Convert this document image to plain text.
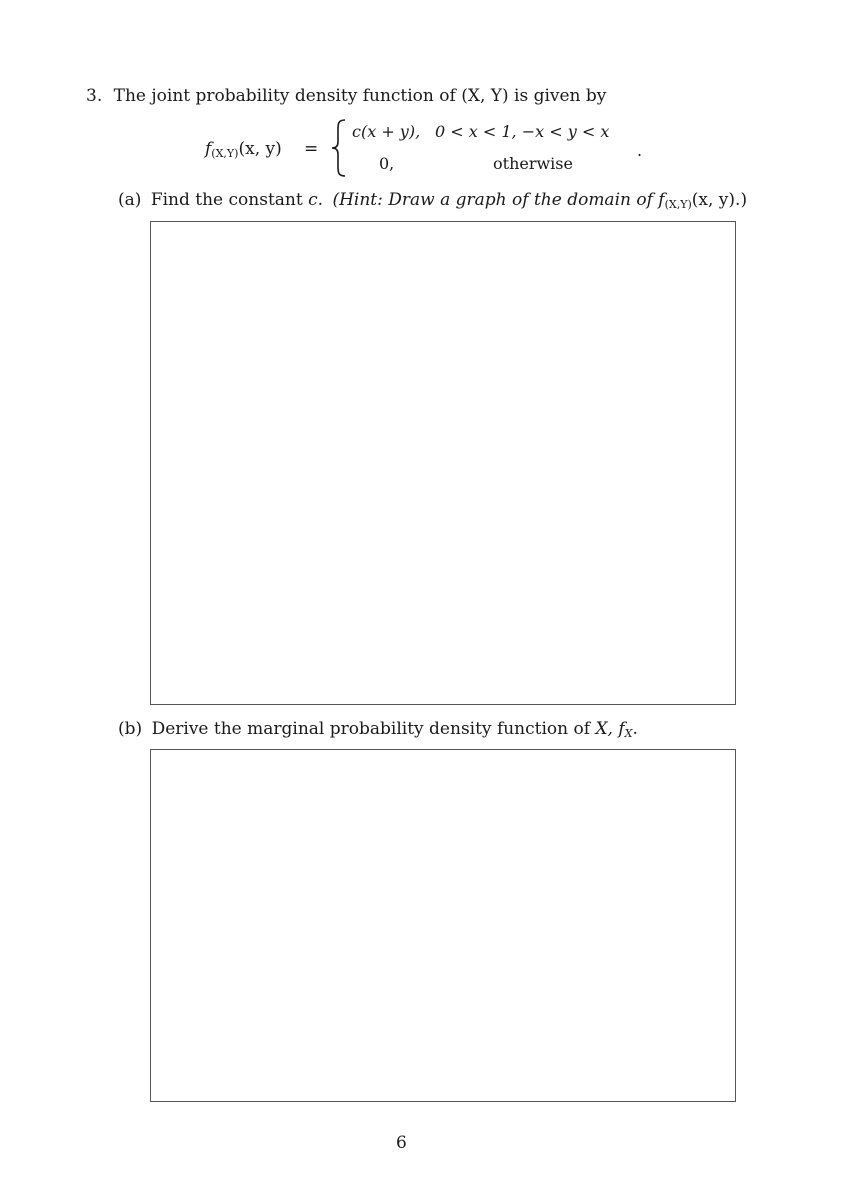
3. The joint probability density function of (X, Y) is given by
$f_{(X,Y)}(x$, y) =
c(x + y), 0 < x < 1, −x < y < x
0,	otherwise
.
(a) Find the constant c. (Hint: Draw a graph of the domain of $f_{(X,Y)}(x$, y).)
(b) Derive the marginal probability density function of X, $f_X$.
6
